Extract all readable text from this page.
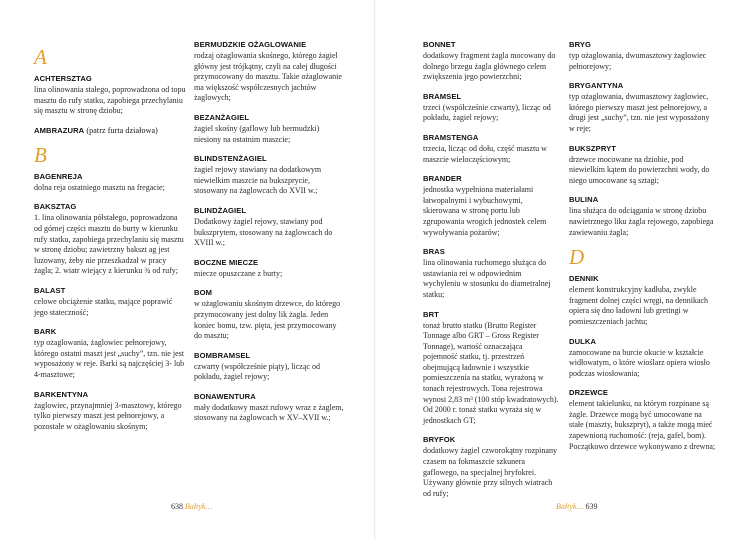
A
ACHTERSZTAG
lina olinowania stałego, poprowadzona od topu masztu do rufy statku, zapobiega przechylaniu się masztu w stronę dziobu;
AMBRAZURA (patrz furta działowa)
B
BAGENREJA
dolna reja ostatniego masztu na fregacie;
BAKSZTAG
1. lina olinowania półstałego, poprowadzona od górnej części masztu do burty w kierunku rufy statku, zapobiega przechylaniu się masztu w stronę dziobu; zawietrzny bakszt ag jest luzowany, żeby nie przeszkadzał w pracy żagla; 2. wiatr wiejący z kierunku ¾ od rufy;
BALAST
celowe obciążenie statku, mające poprawić jego stateczność;
BARK
typ ożaglowania, żaglowiec pełnorejowy, którego ostatni maszt jest „suchy”, tzn. nie jest wyposażony w reje. Barki są najczęściej 3- lub 4-masztowe;
BARKENTYNA
żaglowiec, przynajmniej 3-masztowy, którego tylko pierwszy maszt jest pełnorejowy, a pozostałe w ożaglowaniu skośnym;
BERMUDZKIE OŻAGLOWANIE
rodzaj ożaglowania skośnego, którego żagiel główny jest trójkątny, czyli na całej długości przymocowany do masztu. Takie ożaglowanie ma większość współczesnych jachtów żaglowych;
BEZANŻAGIEL
żagiel skośny (gaflowy lub bermudzki) niesiony na ostatnim maszcie;
BLINDSTENŻAGIEL
żagiel rejowy stawiany na dodatkowym niewielkim maszcie na bukszprycie, stosowany na żaglowcach do XVII w.;
BLINDŻAGIEL
Dodatkowy żagiel rejowy, stawiany pod bukszprytem, stosowany na żaglowcach do XVIII w.;
BOCZNE MIECZE
miecze opuszczane z burty;
BOM
w ożaglowaniu skośnym drzewce, do którego przymocowany jest dolny lik żagla. Jeden koniec bomu, tzw. pięta, jest przymocowany do masztu;
BOMBRAMSEL
czwarty (współcześnie piąty), licząc od pokładu, żagiel rejowy;
BONAWENTURA
mały dodatkowy maszt rufowy wraz z żaglem, stosowany na żaglowcach w XV–XVII w.;
BONNET
dodatkowy fragment żagla mocowany do dolnego brzegu żagla głównego celem zwiększenia jego powierzchni;
BRAMSEL
trzeci (współcześnie czwarty), licząc od pokładu, żagiel rejowy;
BRAMSTENGA
trzecia, licząc od dołu, część masztu w maszcie wieloczęściowym;
BRANDER
jednostka wypełniona materiałami łatwopalnymi i wybuchowymi, skierowana w stronę portu lub zgrupowania wrogich jednostek celem wywoływania pożarów;
BRAS
lina olinowania ruchomego służąca do ustawiania rei w odpowiednim wychyleniu w stosunku do diametralnej statku;
BRT
tonaż brutto statku (Brutto Register Tonnage albo GRT – Gross Register Tonnage), wartość oznaczająca pojemność statku, tj. przestrzeń obejmującą ładownie i wszystkie pomieszczenia na statku, wyrażoną w tonach rejestrowych. Tona rejestrowa wynosi 2,83 m³ (100 stóp kwadratowych). Od 2000 r. tonaż statku wyraża się w jednostkach GT;
BRYFOK
dodatkowy żagiel czworokątny rozpinany czasem na fokmaszcie szkunera gaflowego, na specjalnej bryfokrei. Używany głównie przy silnych wiatrach od rufy;
BRYG
typ ożaglowania, dwumasztowy żaglowiec pełnorejowy;
BRYGANTYNA
typ ożaglowania, dwumasztowy żaglowiec, którego pierwszy maszt jest pełnorejowy, a drugi jest „suchy”, tzn. nie jest wyposażony w reje;
BUKSZPRYT
drzewce mocowane na dziobie, pod niewielkim kątem do powierzchni wody, do niego umocowane są sztagi;
BULINA
lina służąca do odciągania w stronę dziobu nawietrznego liku żagla rejowego, zapobiega zawiewaniu żagla;
D
DENNIK
element konstrukcyjny kadłuba, zwykle fragment dolnej części wręgi, na dennikach opiera się dno ładowni lub gretingi w pomieszczeniach jachtu;
DULKA
zamocowane na burcie okucie w kształcie widłowatym, o które wioślarz opiera wiosło podczas wiosłowania;
DRZEWCE
element takielunku, na którym rozpinane są żagle. Drzewce mogą być umocowane na stałe (maszty, bukszpryt), a także mogą mieć zapewnioną ruchomość: (reja, gafel, bom). Początkowo drzewce wykonywano z drewna;
638 Bałtyk…	Bałtyk… 639
